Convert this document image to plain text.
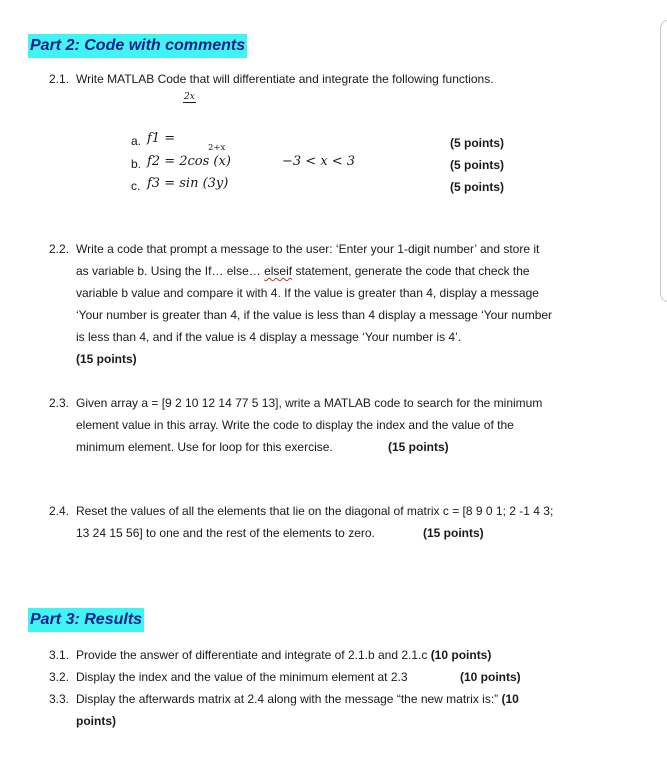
Part 2: Code with comments
2.1. Write MATLAB Code that will differentiate and integrate the following functions.
2x
2+x
a. f1 =	(5 points)
b. f2 = 2cos (x)	−3 < x < 3	(5 points)
c. f3 = sin (3y)	(5 points)
2.2. Write a code that prompt a message to the user: ‘Enter your 1-digit number’ and store it
as variable b. Using the If… else… elseif statement, generate the code that check the
variable b value and compare it with 4. If the value is greater than 4, display a message
‘Your number is greater than 4, if the value is less than 4 display a message ‘Your number
is less than 4, and if the value is 4 display a message ‘Your number is 4’.
(15 points)
2.3. Given array a = [9 2 10 12 14 77 5 13], write a MATLAB code to search for the minimum
element value in this array. Write the code to display the index and the value of the
minimum element. Use for loop for this exercise.	(15 points)
2.4. Reset the values of all the elements that lie on the diagonal of matrix c = [8 9 0 1; 2 -1 4 3;
13 24 15 56] to one and the rest of the elements to zero.	(15 points)
Part 3: Results
3.1. Provide the answer of differentiate and integrate of 2.1.b and 2.1.c (10 points)
3.2. Display the index and the value of the minimum element at 2.3	(10 points)
3.3. Display the afterwards matrix at 2.4 along with the message “the new matrix is:” (10
points)
